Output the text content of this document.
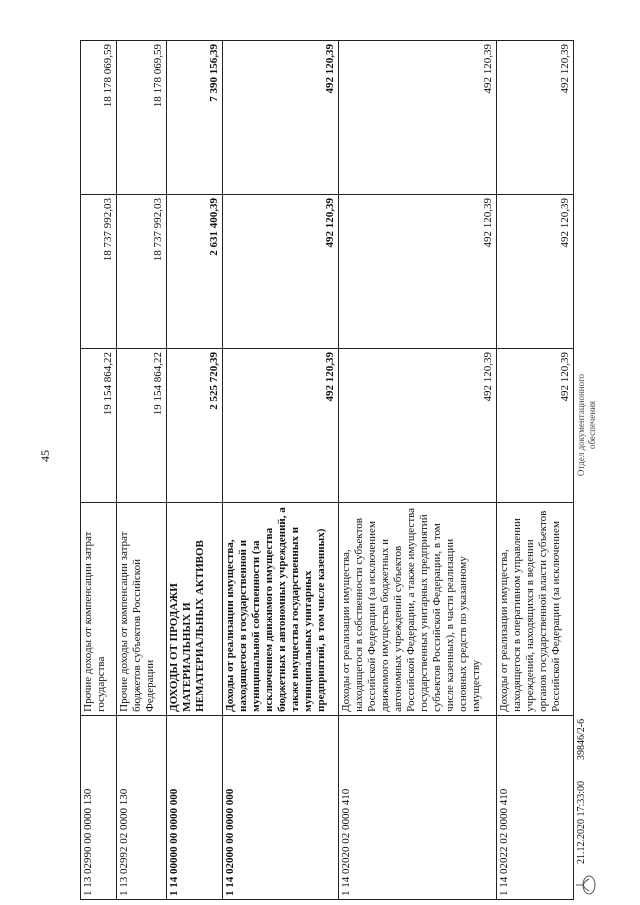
45
1 13 02990 00 0000 130	Прочие доходы от компенсации затрат государства	19 154 864,22	18 737 992,03	18 178 069,59
1 13 02992 02 0000 130	Прочие доходы от компенсации затрат бюджетов субъектов Российской Федерации	19 154 864,22	18 737 992,03	18 178 069,59
1 14 00000 00 0000 000	ДОХОДЫ ОТ ПРОДАЖИ МАТЕРИАЛЬНЫХ И НЕМАТЕРИАЛЬНЫХ АКТИВОВ	2 525 720,39	2 631 400,39	7 390 156,39
1 14 02000 00 0000 000	Доходы от реализации имущества, находящегося в государственной и муниципальной собственности (за исключением движимого имущества бюджетных и автономных учреждений, а также имущества государственных и муниципальных унитарных предприятий, в том числе казенных)	492 120,39	492 120,39	492 120,39
1 14 02020 02 0000 410	Доходы от реализации имущества, находящегося в собственности субъектов Российской Федерации (за исключением движимого имущества бюджетных и автономных учреждений субъектов Российской Федерации, а также имущества государственных унитарных предприятий субъектов Российской Федерации, в том числе казенных), в части реализации основных средств по указанному имуществу	492 120,39	492 120,39	492 120,39
1 14 02022 02 0000 410	Доходы от реализации имущества, находящегося в оперативном управлении учреждений, находящихся в ведении органов государственной власти субъектов Российской Федерации (за исключением	492 120,39	492 120,39	492 120,39
21.12.2020 17:33:00
39846/2-6
Отдел документационного обеспечения
